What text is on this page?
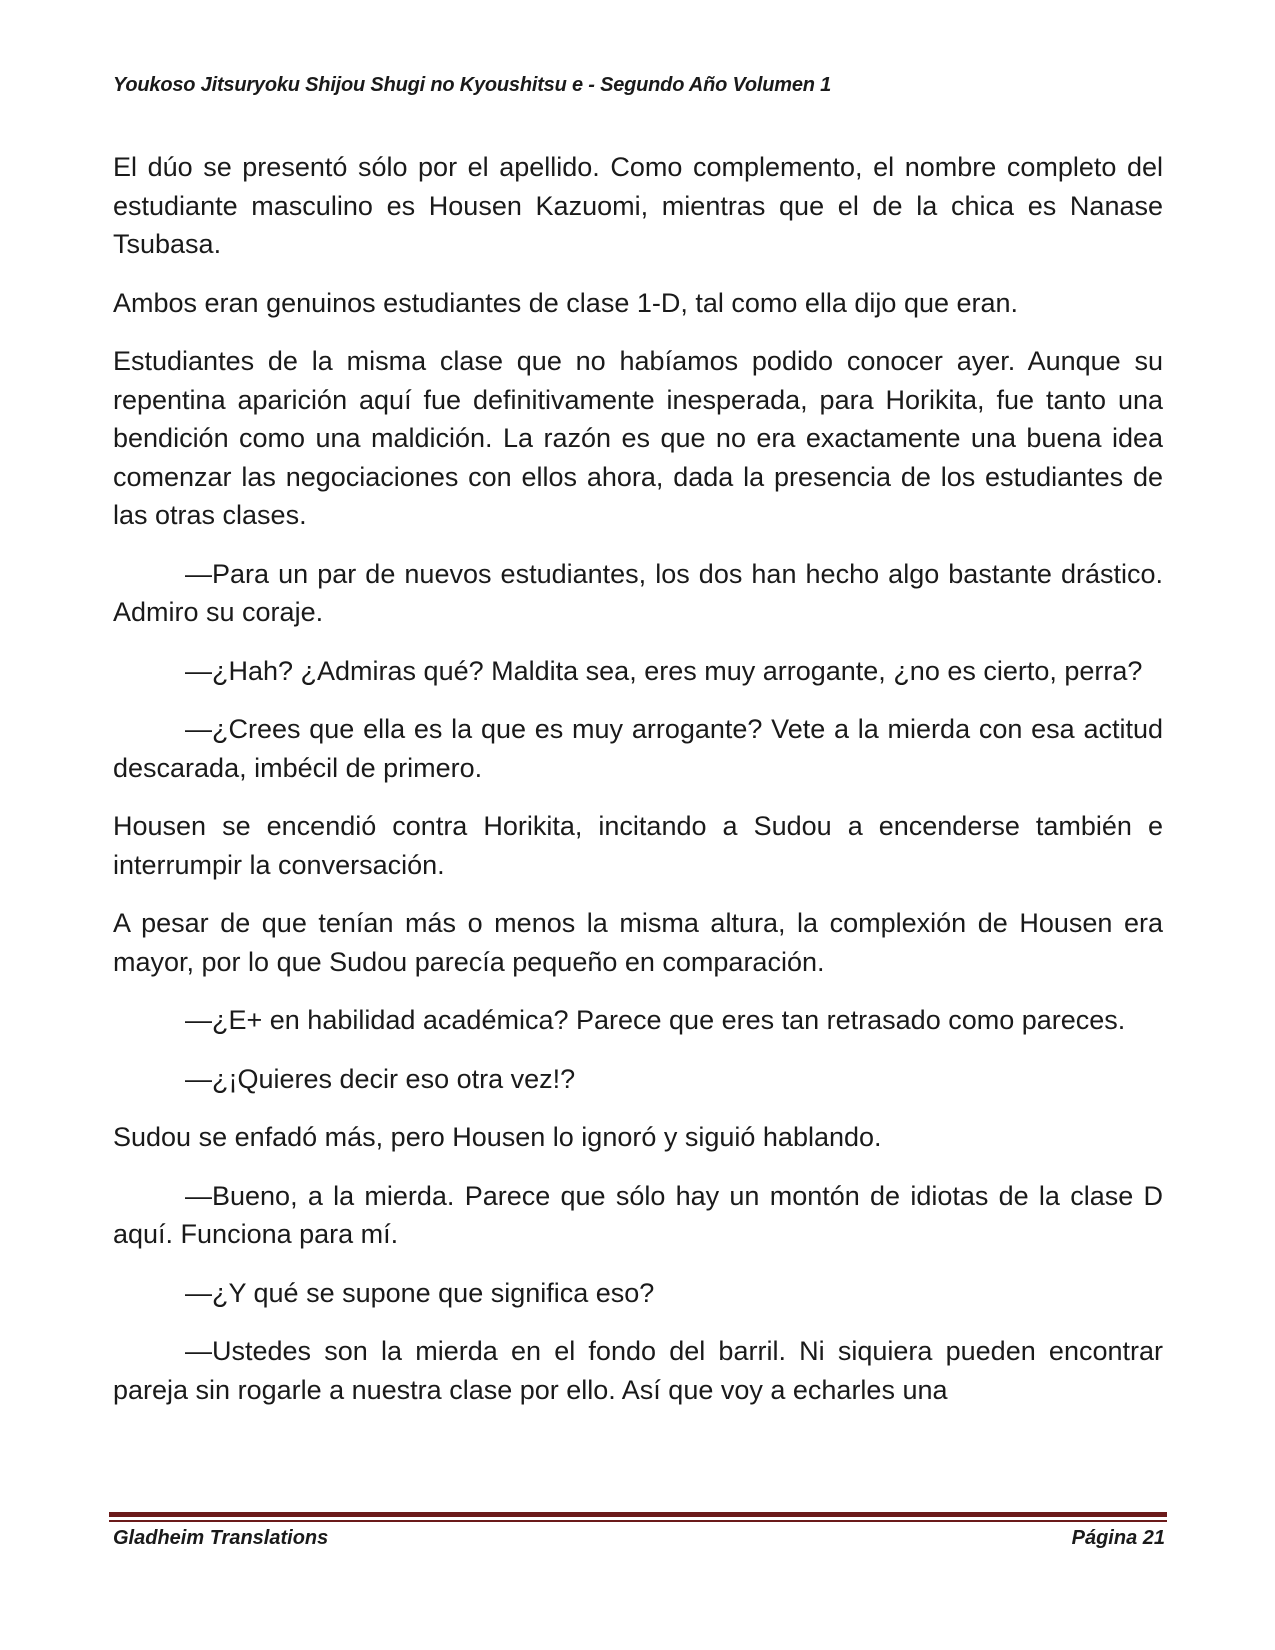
Youkoso Jitsuryoku Shijou Shugi no Kyoushitsu e - Segundo Año Volumen 1

El dúo se presentó sólo por el apellido. Como complemento, el nombre completo del estudiante masculino es Housen Kazuomi, mientras que el de la chica es Nanase Tsubasa.

Ambos eran genuinos estudiantes de clase 1-D, tal como ella dijo que eran.

Estudiantes de la misma clase que no habíamos podido conocer ayer. Aunque su repentina aparición aquí fue definitivamente inesperada, para Horikita, fue tanto una bendición como una maldición. La razón es que no era exactamente una buena idea comenzar las negociaciones con ellos ahora, dada la presencia de los estudiantes de las otras clases.

—Para un par de nuevos estudiantes, los dos han hecho algo bastante drástico. Admiro su coraje.

—¿Hah? ¿Admiras qué? Maldita sea, eres muy arrogante, ¿no es cierto, perra?

—¿Crees que ella es la que es muy arrogante? Vete a la mierda con esa actitud descarada, imbécil de primero.

Housen se encendió contra Horikita, incitando a Sudou a encenderse también e interrumpir la conversación.

A pesar de que tenían más o menos la misma altura, la complexión de Housen era mayor, por lo que Sudou parecía pequeño en comparación.

—¿E+ en habilidad académica? Parece que eres tan retrasado como pareces.

—¿¡Quieres decir eso otra vez!?

Sudou se enfadó más, pero Housen lo ignoró y siguió hablando.

—Bueno, a la mierda. Parece que sólo hay un montón de idiotas de la clase D aquí. Funciona para mí.

—¿Y qué se supone que significa eso?

—Ustedes son la mierda en el fondo del barril. Ni siquiera pueden encontrar pareja sin rogarle a nuestra clase por ello. Así que voy a echarles una

Gladheim Translations	Página 21
